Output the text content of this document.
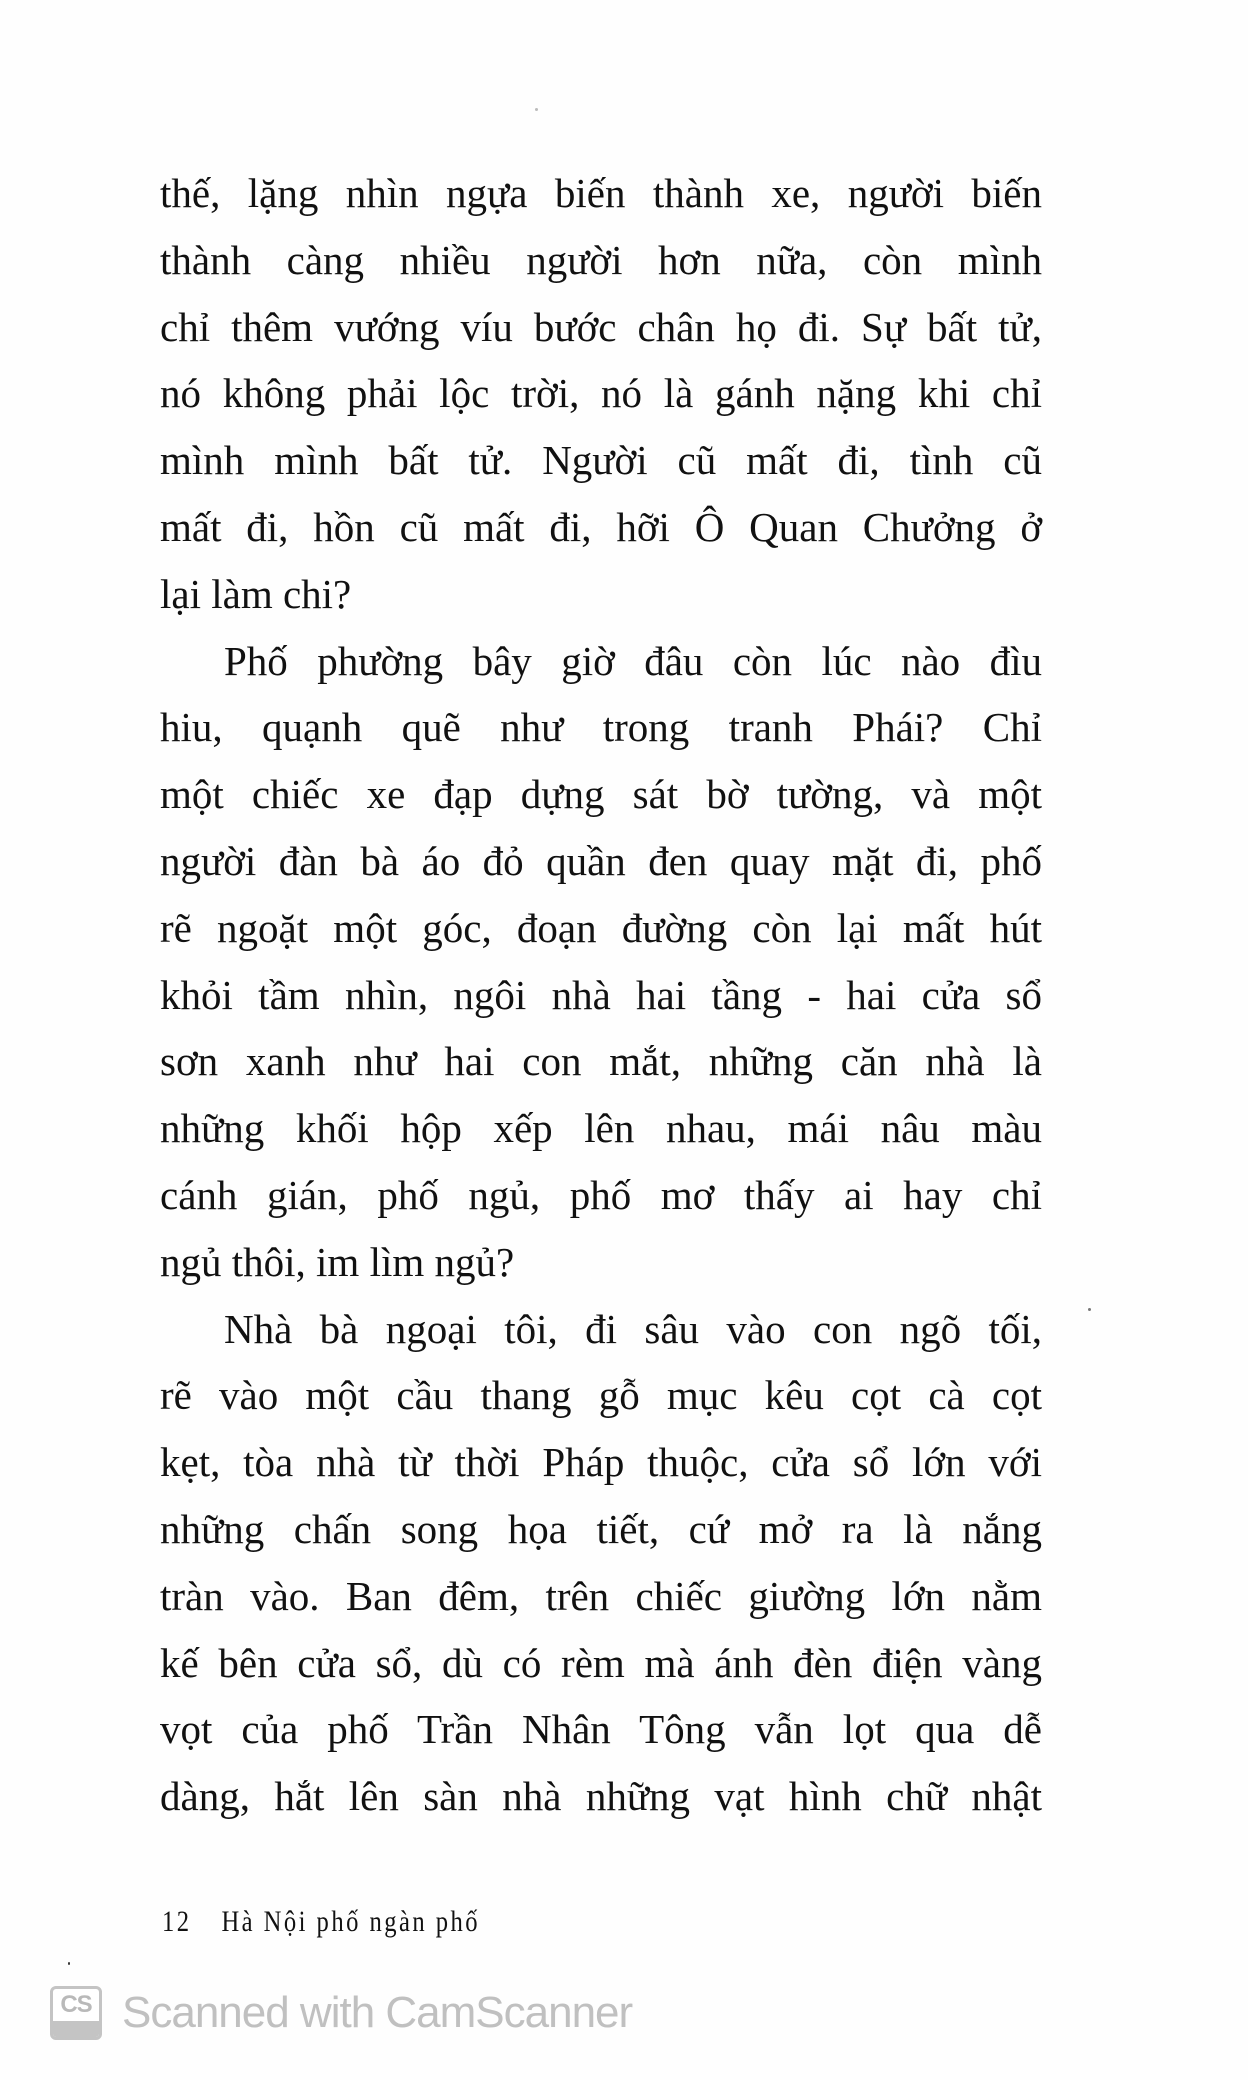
thế, lặng nhìn ngựa biến thành xe, người biến
thành càng nhiều người hơn nữa, còn mình
chỉ thêm vướng víu bước chân họ đi. Sự bất tử,
nó không phải lộc trời, nó là gánh nặng khi chỉ
mình mình bất tử. Người cũ mất đi, tình cũ
mất đi, hồn cũ mất đi, hỡi Ô Quan Chưởng ở
lại làm chi?
Phố phường bây giờ đâu còn lúc nào đìu
hiu, quạnh quẽ như trong tranh Phái? Chỉ
một chiếc xe đạp dựng sát bờ tường, và một
người đàn bà áo đỏ quần đen quay mặt đi, phố
rẽ ngoặt một góc, đoạn đường còn lại mất hút
khỏi tầm nhìn, ngôi nhà hai tầng - hai cửa sổ
sơn xanh như hai con mắt, những căn nhà là
những khối hộp xếp lên nhau, mái nâu màu
cánh gián, phố ngủ, phố mơ thấy ai hay chỉ
ngủ thôi, im lìm ngủ?
Nhà bà ngoại tôi, đi sâu vào con ngõ tối,
rẽ vào một cầu thang gỗ mục kêu cọt cà cọt
kẹt, tòa nhà từ thời Pháp thuộc, cửa sổ lớn với
những chấn song họa tiết, cứ mở ra là nắng
tràn vào. Ban đêm, trên chiếc giường lớn nằm
kế bên cửa sổ, dù có rèm mà ánh đèn điện vàng
vọt của phố Trần Nhân Tông vẫn lọt qua dễ
dàng, hắt lên sàn nhà những vạt hình chữ nhật
12 Hà Nội phố ngàn phố
CS Scanned with CamScanner
